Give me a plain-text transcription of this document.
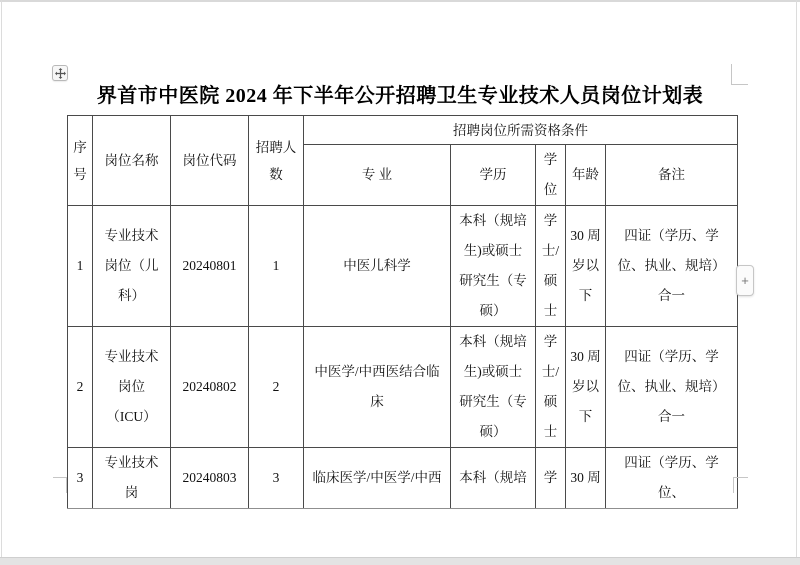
界首市中医院 2024 年下半年公开招聘卫生专业技术人员岗位计划表
序号	岗位名称	岗位代码	招聘人数	招聘岗位所需资格条件				
				专 业	学历	学位	年龄	备注
1	专业技术岗位（儿科）	20240801	1	中医儿科学	本科（规培生)或硕士研究生（专硕）	学士/硕士	30 周岁以下	四证（学历、学位、执业、规培）合一
2	专业技术岗位（ICU）	20240802	2	中医学/中西医结合临床	本科（规培生)或硕士研究生（专硕）	学士/硕士	30 周岁以下	四证（学历、学位、执业、规培）合一
3	专业技术岗	20240803	3	临床医学/中医学/中西	本科（规培	学	30 周	四证（学历、学位、
+
